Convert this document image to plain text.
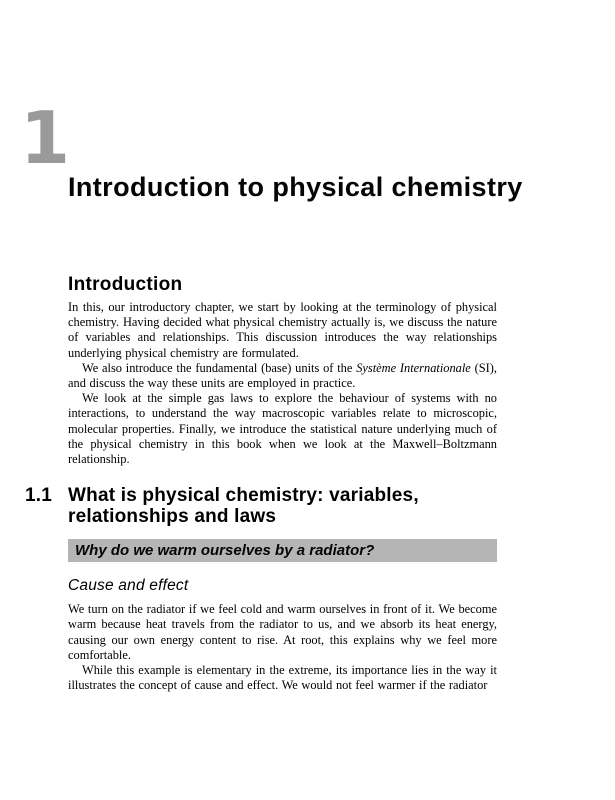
1
Introduction to physical chemistry
Introduction

In this, our introductory chapter, we start by looking at the terminology of physical chemistry. Having decided what physical chemistry actually is, we discuss the nature of variables and relationships. This discussion introduces the way relationships underlying physical chemistry are formulated.

We also introduce the fundamental (base) units of the Système Internationale (SI), and discuss the way these units are employed in practice.

We look at the simple gas laws to explore the behaviour of systems with no interactions, to understand the way macroscopic variables relate to microscopic, molecular properties. Finally, we introduce the statistical nature underlying much of the physical chemistry in this book when we look at the Maxwell–Boltzmann relationship.

1.1 What is physical chemistry: variables, relationships and laws
Why do we warm ourselves by a radiator?
Cause and effect

We turn on the radiator if we feel cold and warm ourselves in front of it. We become warm because heat travels from the radiator to us, and we absorb its heat energy, causing our own energy content to rise. At root, this explains why we feel more comfortable.

While this example is elementary in the extreme, its importance lies in the way it illustrates the concept of cause and effect. We would not feel warmer if the radiator
